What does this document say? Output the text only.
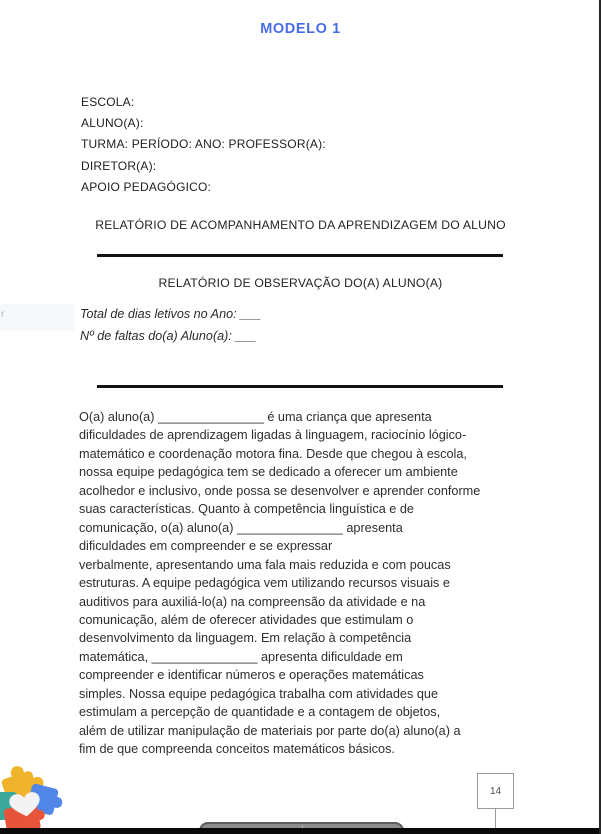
MODELO 1
ESCOLA:
ALUNO(A):
TURMA: PERÍODO: ANO: PROFESSOR(A):
DIRETOR(A):
APOIO PEDAGÓGICO:
RELATÓRIO DE ACOMPANHAMENTO DA APRENDIZAGEM DO ALUNO
RELATÓRIO DE OBSERVAÇÃO DO(A) ALUNO(A)
r	Total de dias letivos no Ano: ___
Nº de faltas do(a) Aluno(a): ___
O(a) aluno(a) _______________ é uma criança que apresenta
dificuldades de aprendizagem ligadas à linguagem, raciocínio lógico-
matemático e coordenação motora fina. Desde que chegou à escola,
nossa equipe pedagógica tem se dedicado a oferecer um ambiente
acolhedor e inclusivo, onde possa se desenvolver e aprender conforme
suas características. Quanto à competência linguística e de
comunicação, o(a) aluno(a) _______________ apresenta
dificuldades em compreender e se expressar
verbalmente, apresentando uma fala mais reduzida e com poucas
estruturas. A equipe pedagógica vem utilizando recursos visuais e
auditivos para auxiliá-lo(a) na compreensão da atividade e na
comunicação, além de oferecer atividades que estimulam o
desenvolvimento da linguagem. Em relação à competência
matemática, _______________ apresenta dificuldade em
compreender e identificar números e operações matemáticas
simples. Nossa equipe pedagógica trabalha com atividades que
estimulam a percepção de quantidade e a contagem de objetos,
além de utilizar manipulação de materiais por parte do(a) aluno(a) a
fim de que compreenda conceitos matemáticos básicos.
14
